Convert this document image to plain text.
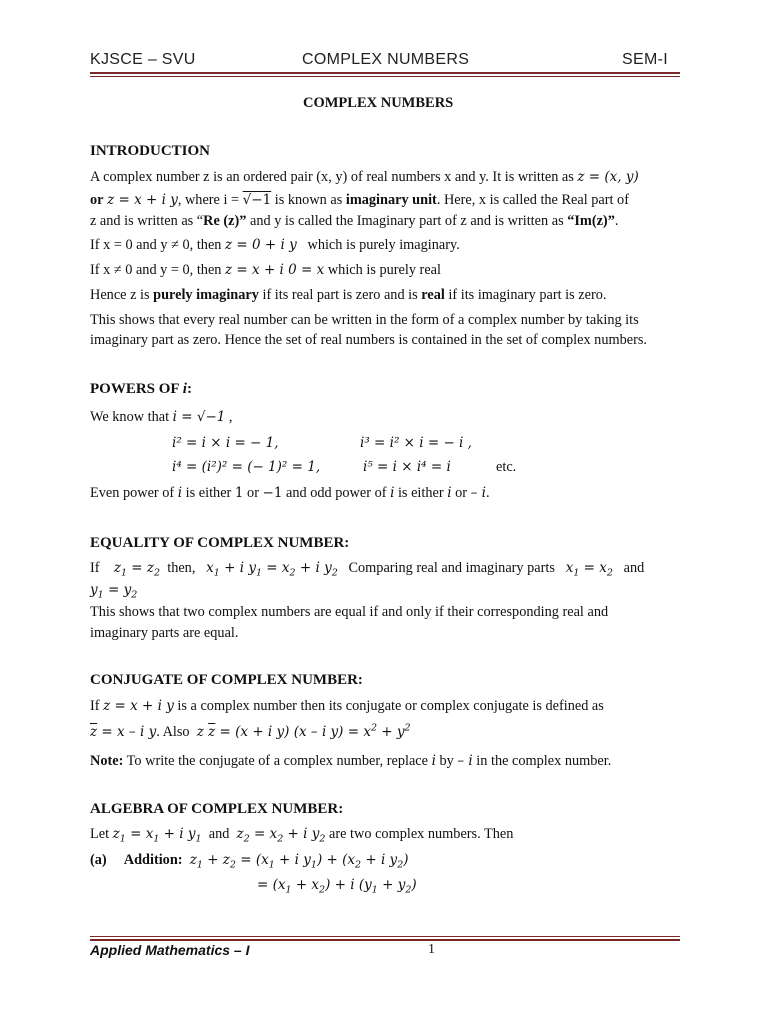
KJSCE – SVU	COMPLEX NUMBERS	SEM-I
COMPLEX NUMBERS
INTRODUCTION
A complex number z is an ordered pair (x, y) of real numbers x and y. It is written as z = (x, y)
or z = x + i y, where i = √−1 is known as imaginary unit. Here, x is called the Real part of
z and is written as “Re (z)” and y is called the Imaginary part of z and is written as “Im(z)”.
If x = 0 and y ≠ 0, then z = 0 + i y   which is purely imaginary.
If x ≠ 0 and y = 0, then z = x + i 0 = x which is purely real
Hence z is purely imaginary if its real part is zero and is real if its imaginary part is zero.
This shows that every real number can be written in the form of a complex number by taking its
imaginary part as zero. Hence the set of real numbers is contained in the set of complex numbers.
POWERS OF i:
We know that i = √−1 ,
i² = i × i = − 1,	i³ = i² × i = − i ,
i⁴ = (i²)² = (− 1)² = 1,	i⁵ = i × i⁴ = i	etc.
Even power of i is either 1 or −1 and odd power of i is either i or – i.
EQUALITY OF COMPLEX NUMBER:
If $z_1 = z_2$ then, $x_1 + i$ $y_1 = x_2 + i$ $y_2$ Comparing real and imaginary parts $x_1 = x_2$ and
$y_1 = y_2$
This shows that two complex numbers are equal if and only if their corresponding real and
imaginary parts are equal.
CONJUGATE OF COMPLEX NUMBER:
If z = x + i y is a complex number then its conjugate or complex conjugate is defined as
$\overline{z} = x - i$ y. Also z $\overline{z} = (x + i$ y) (x – i $y) = x^2 + y^2$
Note: To write the conjugate of a complex number, replace i by – i in the complex number.
ALGEBRA OF COMPLEX NUMBER:
Let $z_1 = x_1 + i$ $y_1$ and $z_2 = x_2 + i$ $y_2$ are two complex numbers. Then
(a)     Addition: $z_1 + z_2 = (x_1 + i$ $y_1) + (x_2 + i$ $y_2$)
= $(x_1 + x_2) + i$ $(y_1 + y_2)$
Applied Mathematics – I	1
